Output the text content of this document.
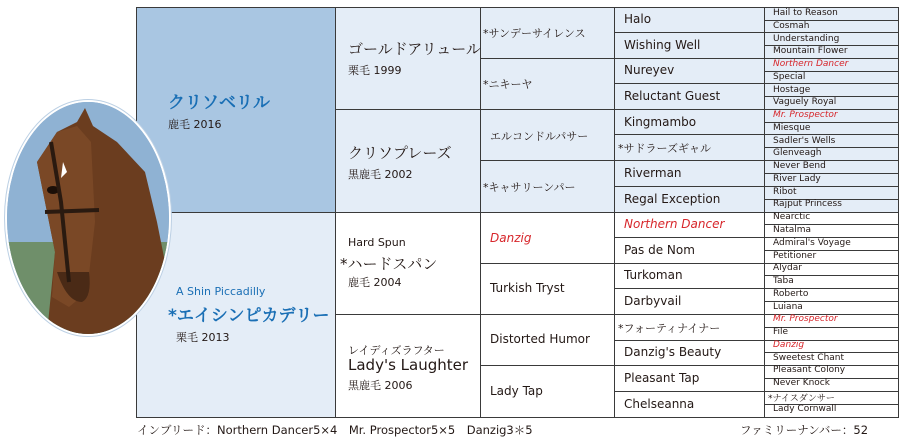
クリソベリル
鹿毛 2016
A Shin Piccadilly
*エイシンピカデリー
栗毛 2013
ゴールドアリュール
栗毛 1999
クリソプレーズ
黒鹿毛 2002
Hard Spun
*ハードスパン
鹿毛 2004
レイディズラフター
Lady's Laughter
黒鹿毛 2006
*サンデーサイレンス
*ニキーヤ
エルコンドルパサー
*キャサリーンパー
Danzig
Turkish Tryst
Distorted Humor
Lady Tap
Halo
Wishing Well
Nureyev
Reluctant Guest
Kingmambo
*サドラーズギャル
Riverman
Regal Exception
Northern Dancer
Pas de Nom
Turkoman
Darbyvail
*フォーティナイナー
Danzig's Beauty
Pleasant Tap
Chelseanna
Hail to Reason
Cosmah
Understanding
Mountain Flower
Northern Dancer
Special
Hostage
Vaguely Royal
Mr. Prospector
Miesque
Sadler's Wells
Glenveagh
Never Bend
River Lady
Ribot
Rajput Princess
Nearctic
Natalma
Admiral's Voyage
Petitioner
Alydar
Taba
Roberto
Luiana
Mr. Prospector
File
Danzig
Sweetest Chant
Pleasant Colony
Never Knock
*ナイスダンサー
Lady Cornwall
インブリード：Northern Dancer5×4　Mr. Prospector5×5　Danzig3＊5	ファミリーナンバー：52
